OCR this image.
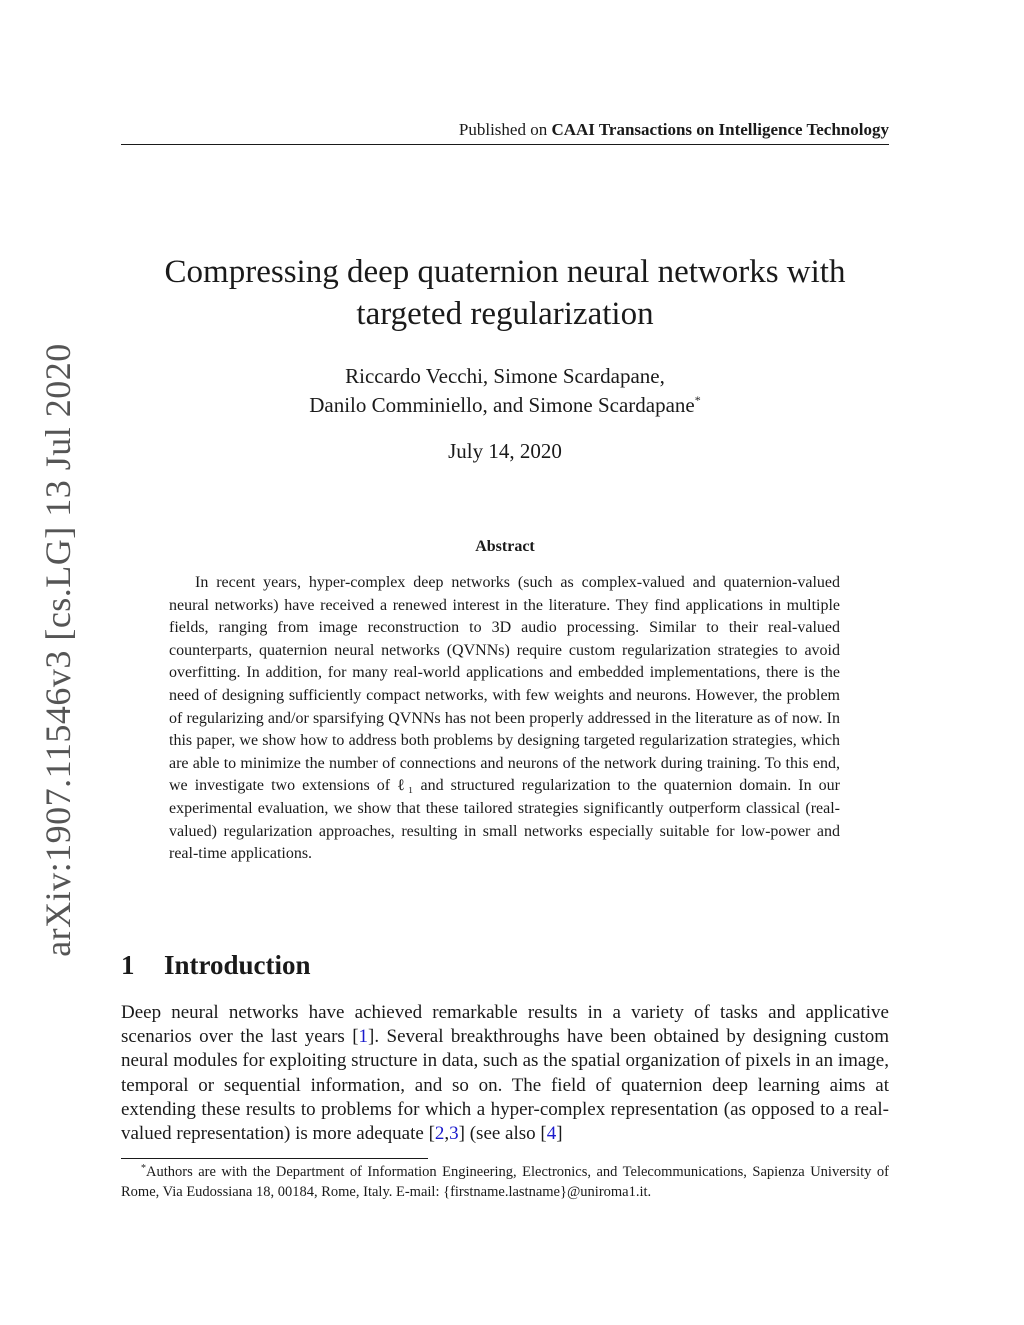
Published on CAAI Transactions on Intelligence Technology
arXiv:1907.11546v3 [cs.LG] 13 Jul 2020
Compressing deep quaternion neural networks with
targeted regularization
Riccardo Vecchi, Simone Scardapane,
Danilo Comminiello, and Simone Scardapane*
July 14, 2020
Abstract

In recent years, hyper-complex deep networks (such as complex-valued and quaternion-valued neural networks) have received a renewed interest in the literature. They find applications in multiple fields, ranging from image reconstruction to 3D audio processing. Similar to their real-valued counterparts, quaternion neural networks (QVNNs) require custom regularization strategies to avoid overfitting. In addition, for many real-world applications and embedded implementations, there is the need of designing sufficiently compact networks, with few weights and neurons. However, the problem of regularizing and/or sparsifying QVNNs has not been properly addressed in the literature as of now. In this paper, we show how to address both problems by designing targeted regularization strategies, which are able to minimize the number of connections and neurons of the network during training. To this end, we investigate two extensions of ℓ₁ and structured regularization to the quaternion domain. In our experimental evaluation, we show that these tailored strategies significantly outperform classical (real-valued) regularization approaches, resulting in small networks especially suitable for low-power and real-time applications.

1 Introduction

Deep neural networks have achieved remarkable results in a variety of tasks and applicative scenarios over the last years [1]. Several breakthroughs have been obtained by designing custom neural modules for exploiting structure in data, such as the spatial organization of pixels in an image, temporal or sequential information, and so on. The field of quaternion deep learning aims at extending these results to problems for which a hyper-complex representation (as opposed to a real-valued representation) is more adequate [2,3] (see also [4]

*Authors are with the Department of Information Engineering, Electronics, and Telecommunications, Sapienza University of Rome, Via Eudossiana 18, 00184, Rome, Italy. E-mail: {firstname.lastname}@uniroma1.it.
